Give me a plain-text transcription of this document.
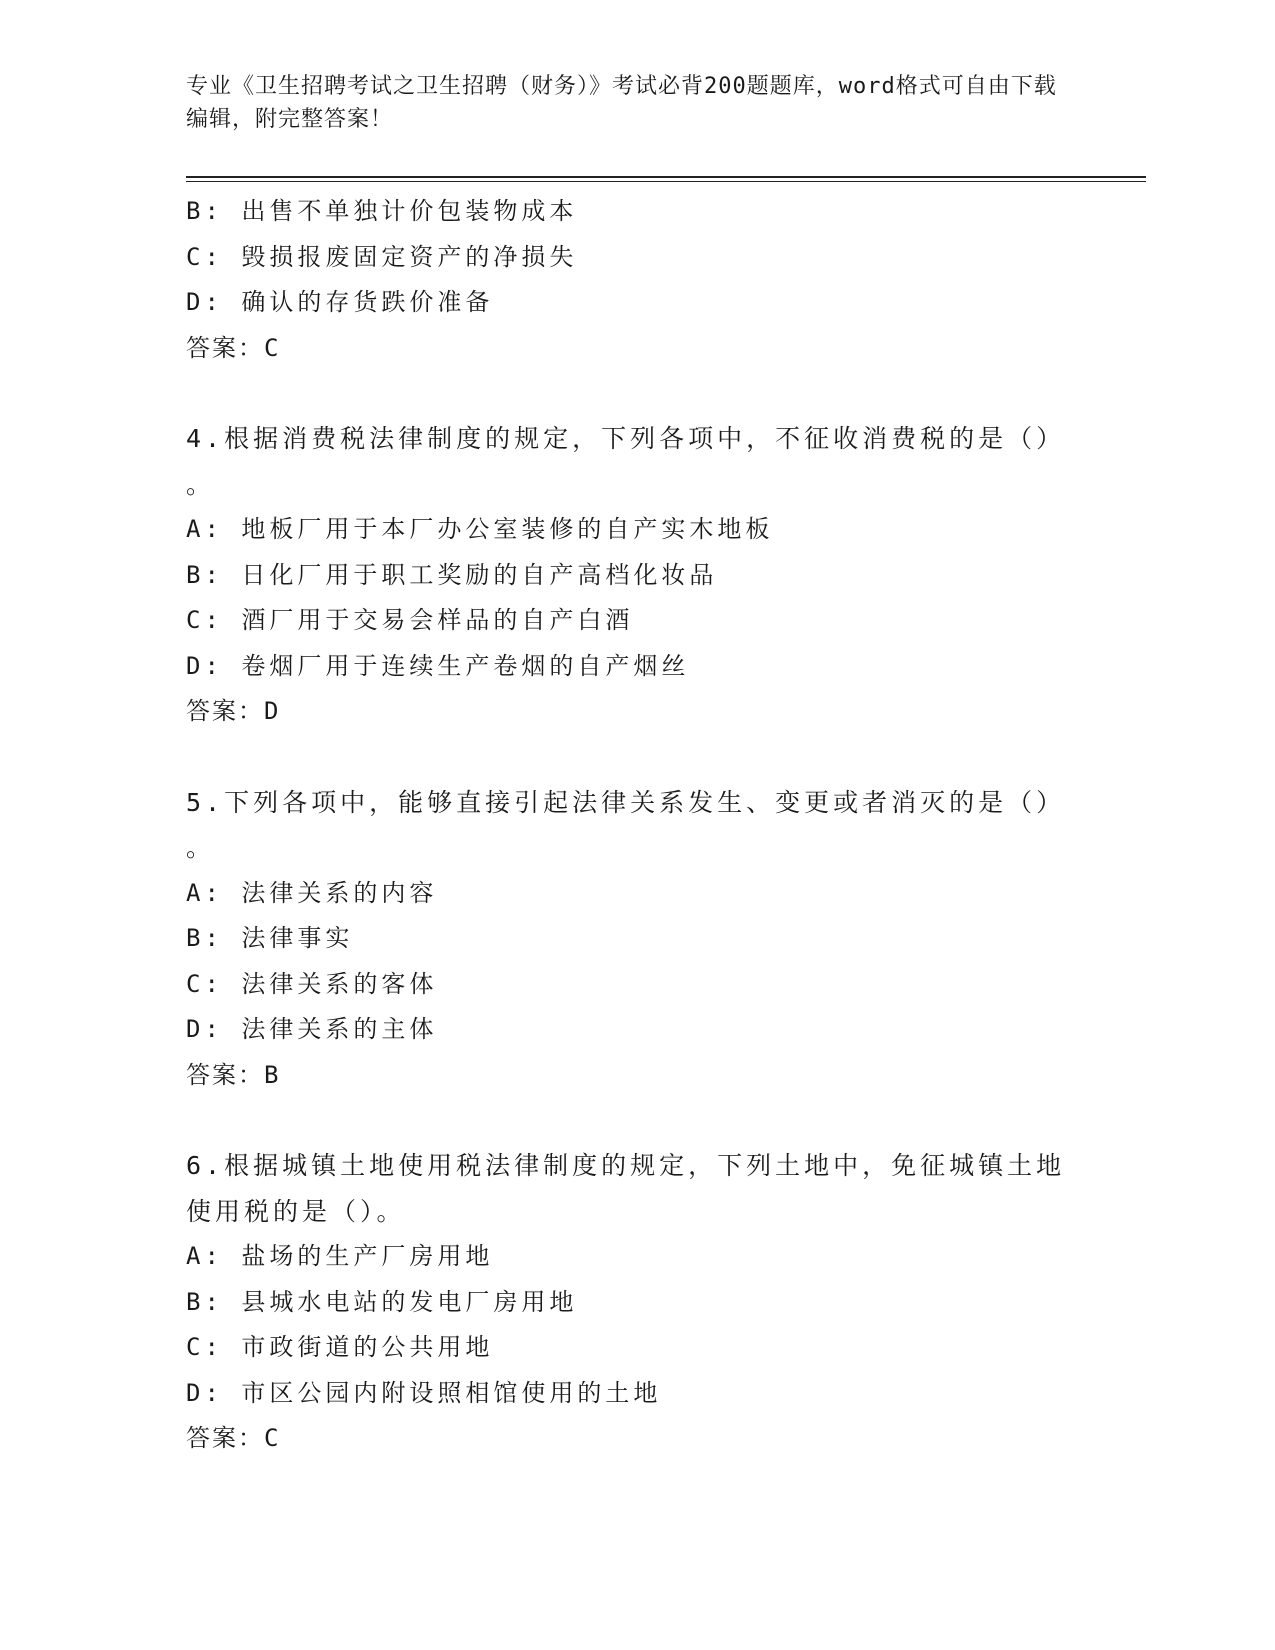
专业《卫生招聘考试之卫生招聘（财务）》考试必背200题题库，word格式可自由下载编辑，附完整答案！
B: 出售不单独计价包装物成本
C: 毁损报废固定资产的净损失
D: 确认的存货跌价准备
答案：C
4.根据消费税法律制度的规定，下列各项中，不征收消费税的是（）
。
A: 地板厂用于本厂办公室装修的自产实木地板
B: 日化厂用于职工奖励的自产高档化妆品
C: 酒厂用于交易会样品的自产白酒
D: 卷烟厂用于连续生产卷烟的自产烟丝
答案：D
5.下列各项中，能够直接引起法律关系发生、变更或者消灭的是（）
。
A: 法律关系的内容
B: 法律事实
C: 法律关系的客体
D: 法律关系的主体
答案：B
6.根据城镇土地使用税法律制度的规定，下列土地中，免征城镇土地
使用税的是（）。
A: 盐场的生产厂房用地
B: 县城水电站的发电厂房用地
C: 市政街道的公共用地
D: 市区公园内附设照相馆使用的土地
答案：C
